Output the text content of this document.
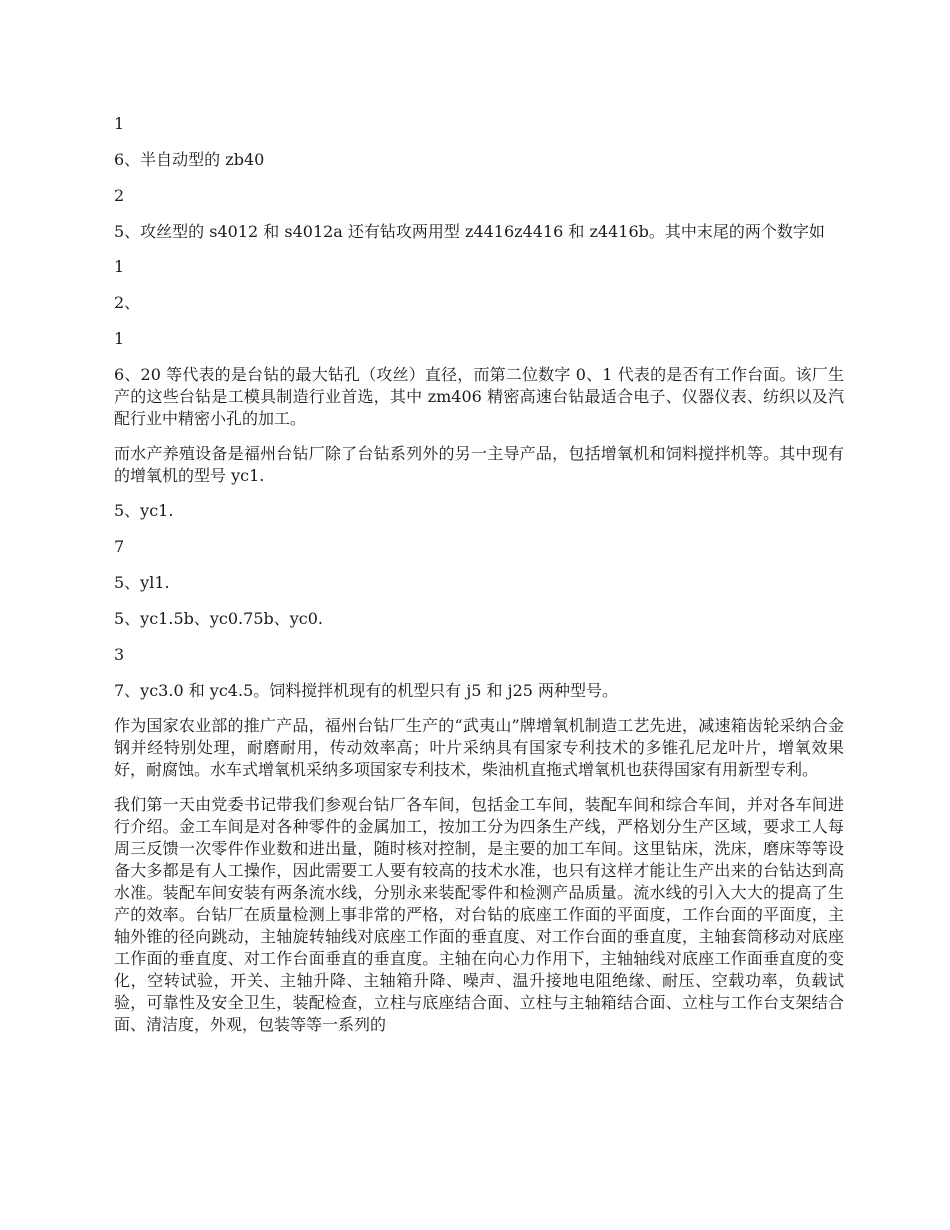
1

6、半自动型的 zb40

2

5、攻丝型的 s4012 和 s4012a 还有钻攻两用型 z4416z4416 和 z4416b。其中末尾的两个数字如

1

2、

1

6、20 等代表的是台钻的最大钻孔（攻丝）直径，而第二位数字 0、1 代表的是否有工作台面。该厂生产的这些台钻是工模具制造行业首选，其中 zm406 精密高速台钻最适合电子、仪器仪表、纺织以及汽配行业中精密小孔的加工。

而水产养殖设备是福州台钻厂除了台钻系列外的另一主导产品，包括增氧机和饲料搅拌机等。其中现有的增氧机的型号 yc1.

5、yc1.

7

5、yl1.

5、yc1.5b、yc0.75b、yc0.

3

7、yc3.0 和 yc4.5。饲料搅拌机现有的机型只有 j5 和 j25 两种型号。

作为国家农业部的推广产品，福州台钻厂生产的“武夷山”牌增氧机制造工艺先进，减速箱齿轮采纳合金钢并经特别处理，耐磨耐用，传动效率高；叶片采纳具有国家专利技术的多锥孔尼龙叶片，增氧效果好，耐腐蚀。水车式增氧机采纳多项国家专利技术，柴油机直拖式增氧机也获得国家有用新型专利。

我们第一天由党委书记带我们参观台钻厂各车间，包括金工车间，装配车间和综合车间，并对各车间进行介绍。金工车间是对各种零件的金属加工，按加工分为四条生产线，严格划分生产区域，要求工人每周三反馈一次零件作业数和进出量，随时核对控制，是主要的加工车间。这里钻床，洗床，磨床等等设备大多都是有人工操作，因此需要工人要有较高的技术水准，也只有这样才能让生产出来的台钻达到高水准。装配车间安装有两条流水线，分别永来装配零件和检测产品质量。流水线的引入大大的提高了生产的效率。台钻厂在质量检测上事非常的严格，对台钻的底座工作面的平面度，工作台面的平面度，主轴外锥的径向跳动，主轴旋转轴线对底座工作面的垂直度、对工作台面的垂直度，主轴套筒移动对底座工作面的垂直度、对工作台面垂直的垂直度。主轴在向心力作用下，主轴轴线对底座工作面垂直度的变化，空转试验，开关、主轴升降、主轴箱升降、噪声、温升接地电阻绝缘、耐压、空载功率，负载试验，可靠性及安全卫生，装配检查，立柱与底座结合面、立柱与主轴箱结合面、立柱与工作台支架结合面、清洁度，外观，包装等等一系列的
